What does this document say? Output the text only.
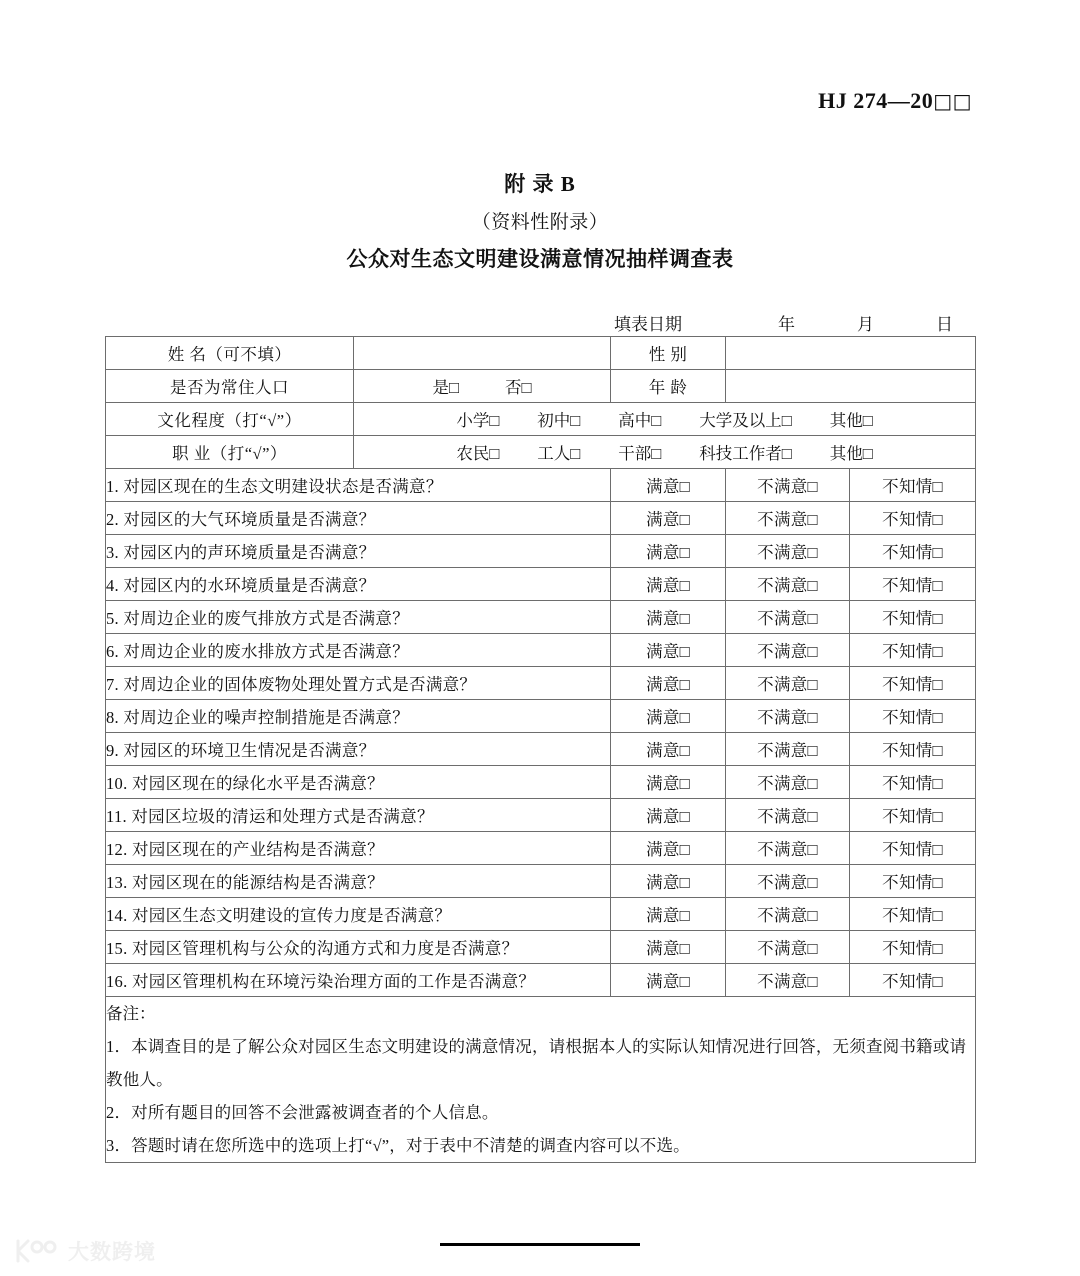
HJ 274—20□□
附 录 B
（资料性附录）
公众对生态文明建设满意情况抽样调查表
填表日期	年	月	日
姓 名（可不填）		性 别		
是否为常住人口	是□ 否□	年 龄		
文化程度（打“√”）	小学□ 初中□ 高中□ 大学及以上□ 其他□			

职 业（打“√”）	农民□ 工人□ 干部□ 科技工作者□ 其他□			

1. 对园区现在的生态文明建设状态是否满意？		满意□	不满意□	不知情□
2. 对园区的大气环境质量是否满意？		满意□	不满意□	不知情□
3. 对园区内的声环境质量是否满意？		满意□	不满意□	不知情□
4. 对园区内的水环境质量是否满意？		满意□	不满意□	不知情□
5. 对周边企业的废气排放方式是否满意？		满意□	不满意□	不知情□
6. 对周边企业的废水排放方式是否满意？		满意□	不满意□	不知情□
7. 对周边企业的固体废物处理处置方式是否满意？		满意□	不满意□	不知情□
8. 对周边企业的噪声控制措施是否满意？		满意□	不满意□	不知情□
9. 对园区的环境卫生情况是否满意？		满意□	不满意□	不知情□
10. 对园区现在的绿化水平是否满意？		满意□	不满意□	不知情□
11. 对园区垃圾的清运和处理方式是否满意？		满意□	不满意□	不知情□
12. 对园区现在的产业结构是否满意？		满意□	不满意□	不知情□
13. 对园区现在的能源结构是否满意？		满意□	不满意□	不知情□
14. 对园区生态文明建设的宣传力度是否满意？		满意□	不满意□	不知情□
15. 对园区管理机构与公众的沟通方式和力度是否满意？		满意□	不满意□	不知情□
16. 对园区管理机构在环境污染治理方面的工作是否满意？		满意□	不满意□	不知情□

备注：
1．本调查目的是了解公众对园区生态文明建设的满意情况，请根据本人的实际认知情况进行回答，无须查阅书籍或请教他人。
2．对所有题目的回答不会泄露被调查者的个人信息。
3．答题时请在您所选中的选项上打“√”，对于表中不清楚的调查内容可以不选。				
大数跨境
